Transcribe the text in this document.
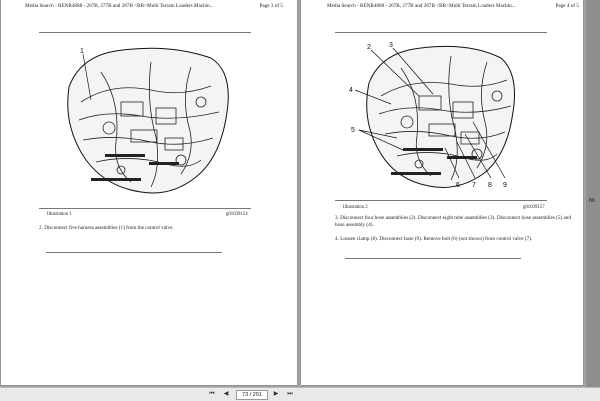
Media Search - RENR4888 - 267B, 277B and 287B <BR>Multi Terrain Loaders Machin...	Page 3 of 5
1
Illustration 1	g01039154
2. Disconnect five harness assemblies (1) from the control valve.
Media Search - RENR4888 - 267B, 277B and 287B <BR>Multi Terrain Loaders Machin...	Page 4 of 5
2	3
4
5
6 7 8 9
Illustration 2	g01039157
3. Disconnect four hose assemblies (2). Disconnect eight tube assemblies (3). Disconnect hose assemblies (5) and hose assembly (4).
4. Loosen clamp (8). Disconnect hose (9). Remove bolt (6) (not shown) from control valve (7).
89.
⏮ ◀	73 / 291	▶ ⏭
